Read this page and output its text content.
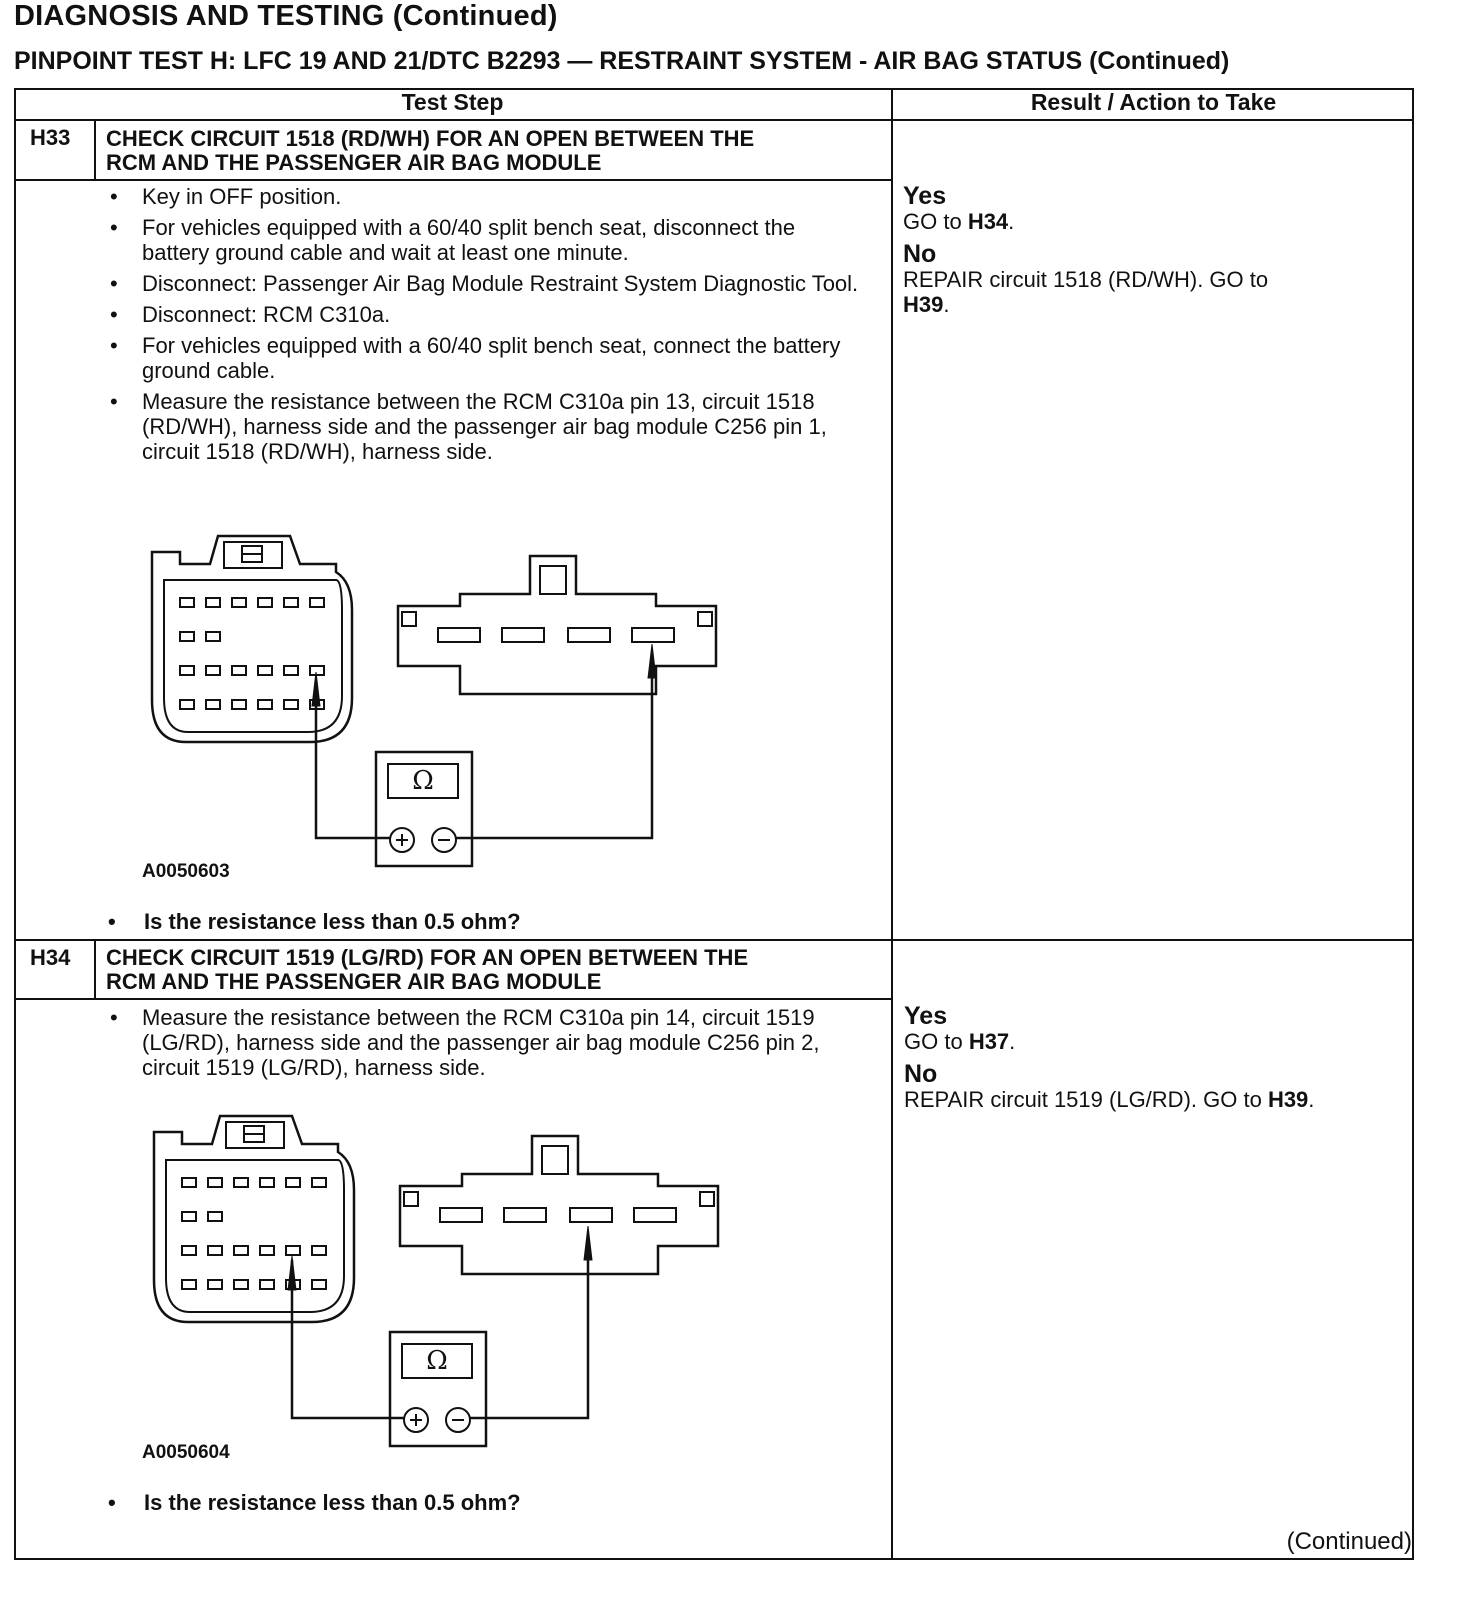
DIAGNOSIS AND TESTING (Continued)
PINPOINT TEST H: LFC 19 AND 21/DTC B2293 — RESTRAINT SYSTEM - AIR BAG STATUS (Continued)
Test Step	Result / Action to Take
H33 CHECK CIRCUIT 1518 (RD/WH) FOR AN OPEN BETWEEN THE
RCM AND THE PASSENGER AIR BAG MODULE
• Key in OFF position.
• For vehicles equipped with a 60/40 split bench seat, disconnect the battery ground cable and wait at least one minute.
• Disconnect: Passenger Air Bag Module Restraint System Diagnostic Tool.
• Disconnect: RCM C310a.
• For vehicles equipped with a 60/40 split bench seat, connect the battery ground cable.
• Measure the resistance between the RCM C310a pin 13, circuit 1518 (RD/WH), harness side and the passenger air bag module C256 pin 1, circuit 1518 (RD/WH), harness side.
Ω
A0050603
• Is the resistance less than 0.5 ohm?
Yes
GO to H34.
No
REPAIR circuit 1518 (RD/WH). GO to
H39.
H34 CHECK CIRCUIT 1519 (LG/RD) FOR AN OPEN BETWEEN THE
RCM AND THE PASSENGER AIR BAG MODULE
• Measure the resistance between the RCM C310a pin 14, circuit 1519 (LG/RD), harness side and the passenger air bag module C256 pin 2, circuit 1519 (LG/RD), harness side.
Ω
A0050604
• Is the resistance less than 0.5 ohm?
Yes
GO to H37.
No
REPAIR circuit 1519 (LG/RD). GO to H39.
(Continued)
